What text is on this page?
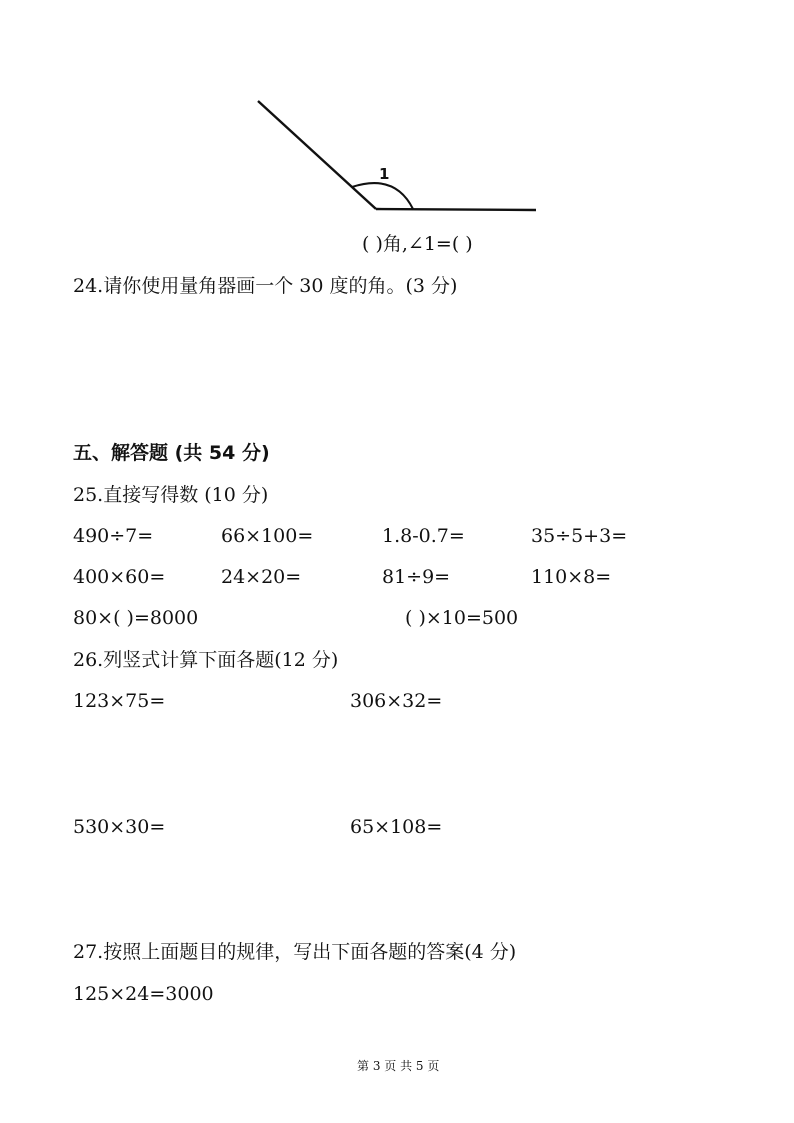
1
( )角,∠1=( )
24.请你使用量角器画一个 30 度的角。(3 分)
五、解答题 (共 54 分)
25.直接写得数 (10 分)
490÷7=	66×100=	1.8-0.7=	35÷5+3=
400×60=	24×20=	81÷9=	110×8=
80×( )=8000	( )×10=500
26.列竖式计算下面各题(12 分)
123×75=	306×32=
530×30=	65×108=
27.按照上面题目的规律，写出下面各题的答案(4 分)
125×24=3000
第 3 页 共 5 页
